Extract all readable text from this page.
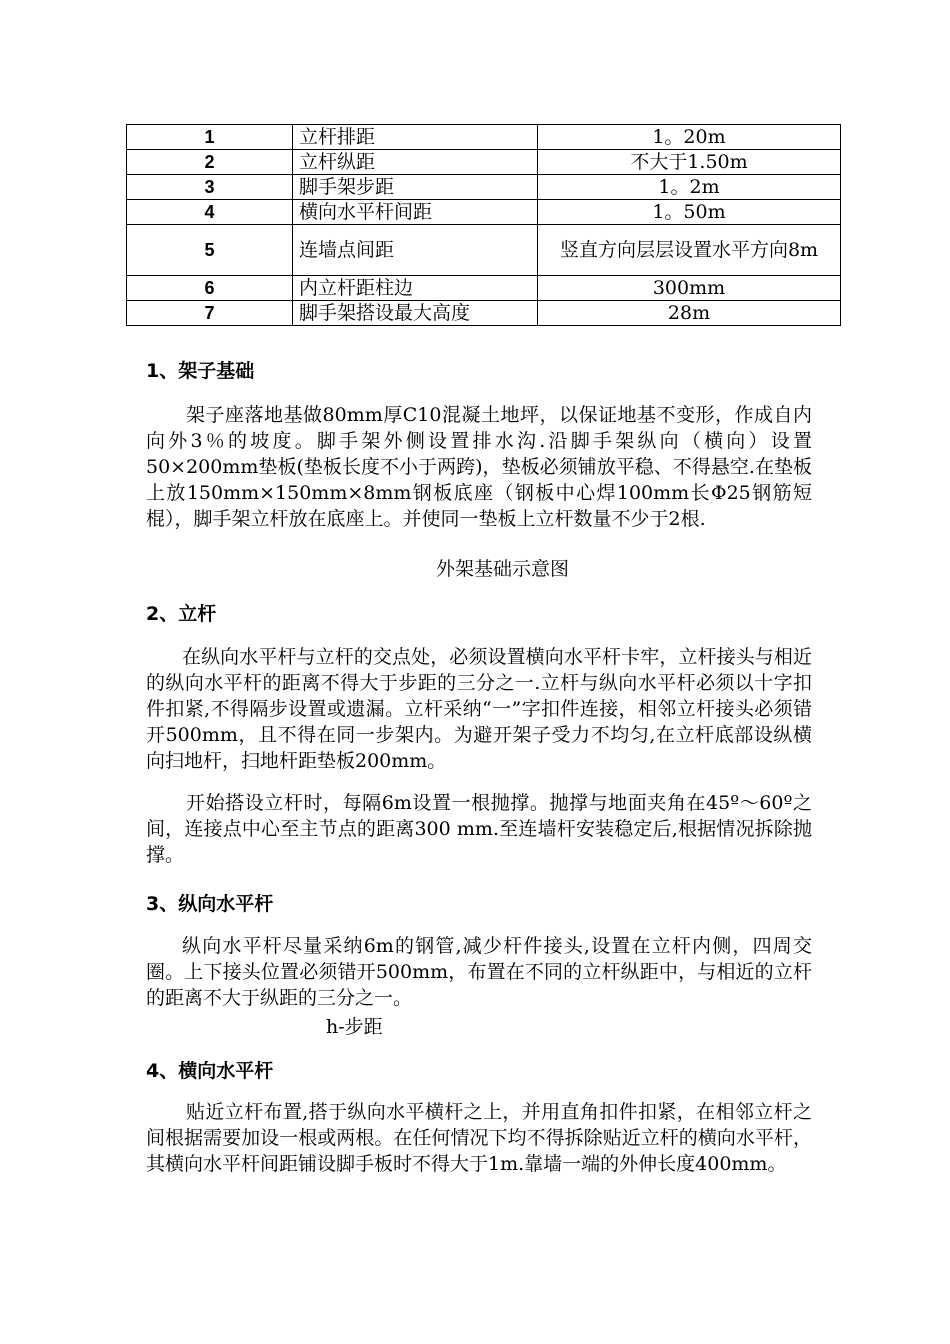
1	立杆排距	1。20m
2	立杆纵距	不大于1.50m
3	脚手架步距	1。2m
4	横向水平杆间距	1。50m
5	连墙点间距	竖直方向层层设置水平方向8m
6	内立杆距柱边	300mm
7	脚手架搭设最大高度	28m
1、架子基础
架子座落地基做80mm厚C10混凝土地坪，以保证地基不变形，作成自内向外3％的坡度。脚手架外侧设置排水沟.沿脚手架纵向（横向）设置50×200mm垫板(垫板长度不小于两跨)，垫板必须铺放平稳、不得悬空.在垫板上放150mm×150mm×8mm钢板底座（钢板中心焊100mm长Φ25钢筋短棍），脚手架立杆放在底座上。并使同一垫板上立杆数量不少于2根.
外架基础示意图
2、立杆
在纵向水平杆与立杆的交点处，必须设置横向水平杆卡牢，立杆接头与相近的纵向水平杆的距离不得大于步距的三分之一.立杆与纵向水平杆必须以十字扣件扣紧,不得隔步设置或遗漏。立杆采纳“一”字扣件连接，相邻立杆接头必须错开500mm，且不得在同一步架内。为避开架子受力不均匀,在立杆底部设纵横向扫地杆，扫地杆距垫板200mm。
开始搭设立杆时，每隔6m设置一根抛撑。抛撑与地面夹角在45º～60º之间，连接点中心至主节点的距离300 mm.至连墙杆安装稳定后,根据情况拆除抛撑。
3、纵向水平杆
纵向水平杆尽量采纳6m的钢管,减少杆件接头,设置在立杆内侧，四周交圈。上下接头位置必须错开500mm，布置在不同的立杆纵距中，与相近的立杆的距离不大于纵距的三分之一。
h-步距
4、横向水平杆
贴近立杆布置,搭于纵向水平横杆之上，并用直角扣件扣紧，在相邻立杆之间根据需要加设一根或两根。在任何情况下均不得拆除贴近立杆的横向水平杆，其横向水平杆间距铺设脚手板时不得大于1m.靠墙一端的外伸长度400mm。
